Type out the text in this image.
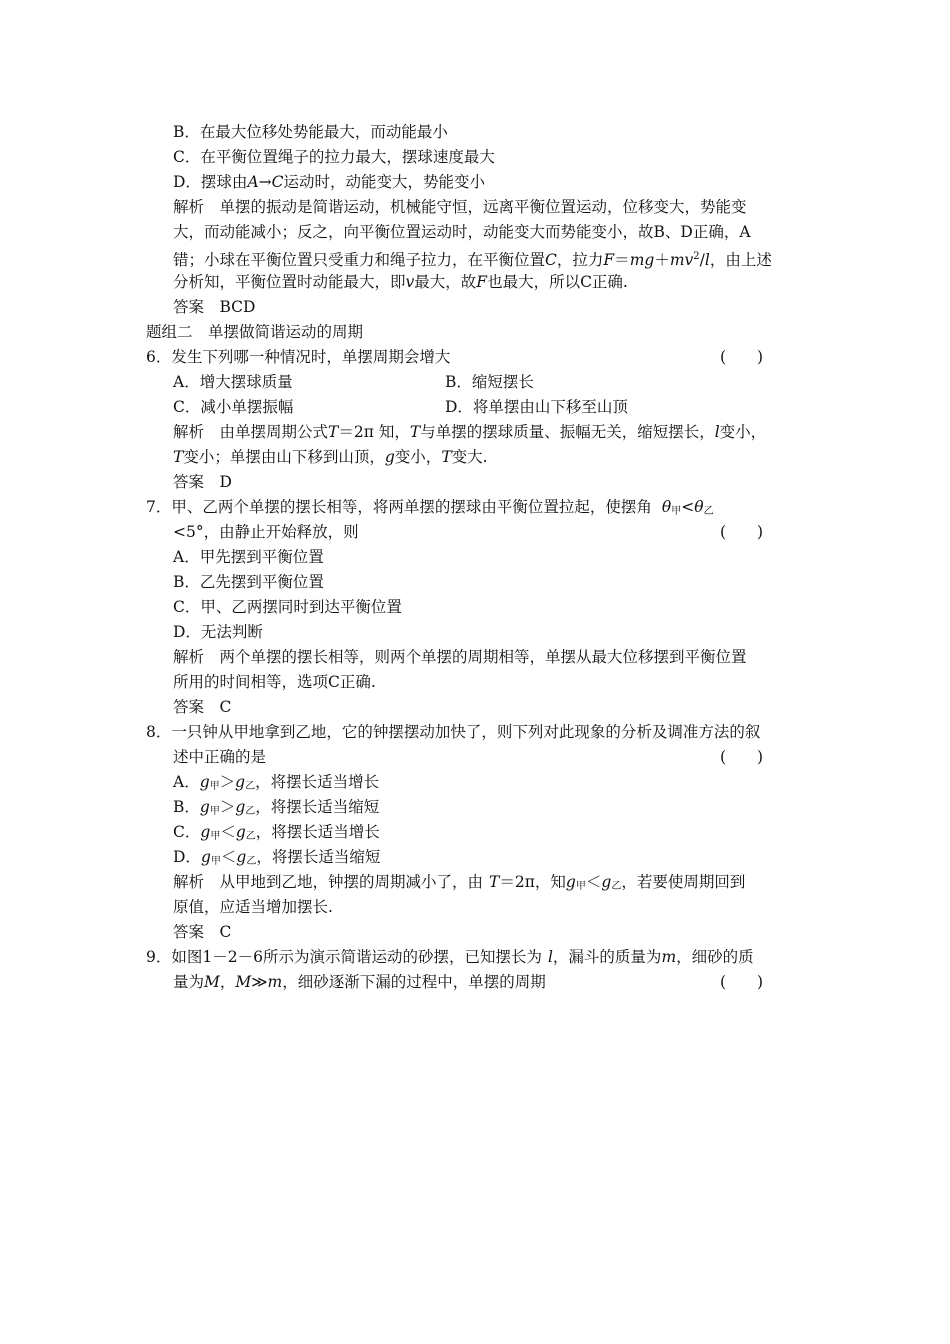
B．在最大位移处势能最大，而动能最小
C．在平衡位置绳子的拉力最大，摆球速度最大
D．摆球由A→C运动时，动能变大，势能变小
解析　单摆的振动是简谐运动，机械能守恒，远离平衡位置运动，位移变大，势能变
大，而动能减小；反之，向平衡位置运动时，动能变大而势能变小，故B、D正确，A
错；小球在平衡位置只受重力和绳子拉力，在平衡位置C，拉力$F=mg+mv^2/l$，由上述
分析知，平衡位置时动能最大，即v最大，故F也最大，所以C正确.
答案　BCD
题组二　单摆做简谐运动的周期
6．发生下列哪一种情况时，单摆周期会增大	(　　)
A．增大摆球质量	B．缩短摆长
C．减小单摆振幅	D．将单摆由山下移至山顶
解析　由单摆周期公式T＝2π 知，T与单摆的摆球质量、振幅无关，缩短摆长，l变小，
T变小；单摆由山下移到山顶，g变小，T变大.
答案　D
7．甲、乙两个单摆的摆长相等，将两单摆的摆球由平衡位置拉起，使摆角 $\theta_甲<\theta_乙$
<5°，由静止开始释放，则	(　　)
A．甲先摆到平衡位置
B．乙先摆到平衡位置
C．甲、乙两摆同时到达平衡位置
D．无法判断
解析　两个单摆的摆长相等，则两个单摆的周期相等，单摆从最大位移摆到平衡位置
所用的时间相等，选项C正确.
答案　C
8．一只钟从甲地拿到乙地，它的钟摆摆动加快了，则下列对此现象的分析及调准方法的叙
述中正确的是	(　　)
A．$g_甲>g_乙$，将摆长适当增长
B．$g_甲>g_乙$，将摆长适当缩短
C．$g_甲<g_乙$，将摆长适当增长
D．$g_甲<g_乙$，将摆长适当缩短
解析　从甲地到乙地，钟摆的周期减小了，由 T＝2π，知$g_甲<g_乙$，若要使周期回到
原值，应适当增加摆长.
答案　C
9．如图1－2－6所示为演示简谐运动的砂摆，已知摆长为 l，漏斗的质量为m，细砂的质
量为M，M≫m，细砂逐渐下漏的过程中，单摆的周期	(　　)
